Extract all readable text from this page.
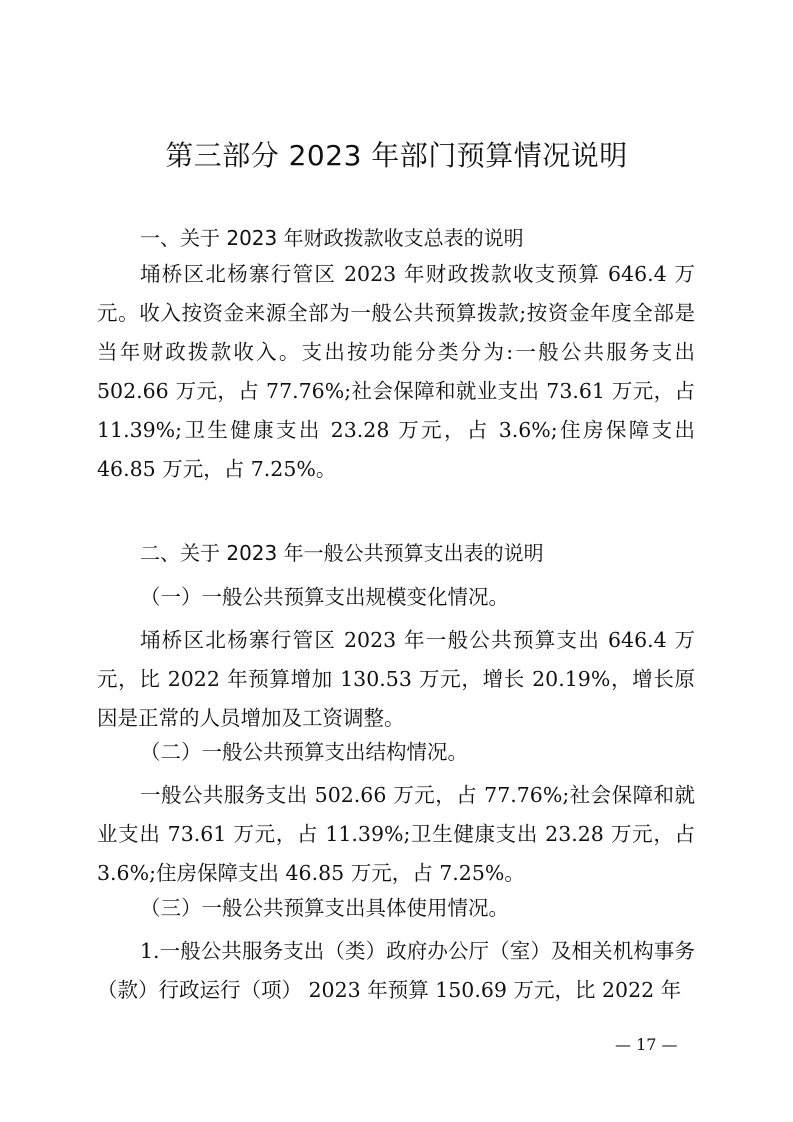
第三部分 2023 年部门预算情况说明
一、关于 2023 年财政拨款收支总表的说明

埇桥区北杨寨行管区 2023 年财政拨款收支预算 646.4 万元。收入按资金来源全部为一般公共预算拨款;按资金年度全部是当年财政拨款收入。支出按功能分类分为:一般公共服务支出 502.66 万元，占 77.76%;社会保障和就业支出 73.61 万元，占 11.39%;卫生健康支出 23.28 万元，占 3.6%;住房保障支出 46.85 万元，占 7.25%。

二、关于 2023 年一般公共预算支出表的说明

（一）一般公共预算支出规模变化情况。

埇桥区北杨寨行管区 2023 年一般公共预算支出 646.4 万元，比 2022 年预算增加 130.53 万元，增长 20.19%，增长原因是正常的人员增加及工资调整。

（二）一般公共预算支出结构情况。

一般公共服务支出 502.66 万元，占 77.76%;社会保障和就业支出 73.61 万元，占 11.39%;卫生健康支出 23.28 万元，占 3.6%;住房保障支出 46.85 万元，占 7.25%。

（三）一般公共预算支出具体使用情况。

1.一般公共服务支出（类）政府办公厅（室）及相关机构事务（款）行政运行（项） 2023 年预算 150.69 万元，比 2022 年

— 17 —
